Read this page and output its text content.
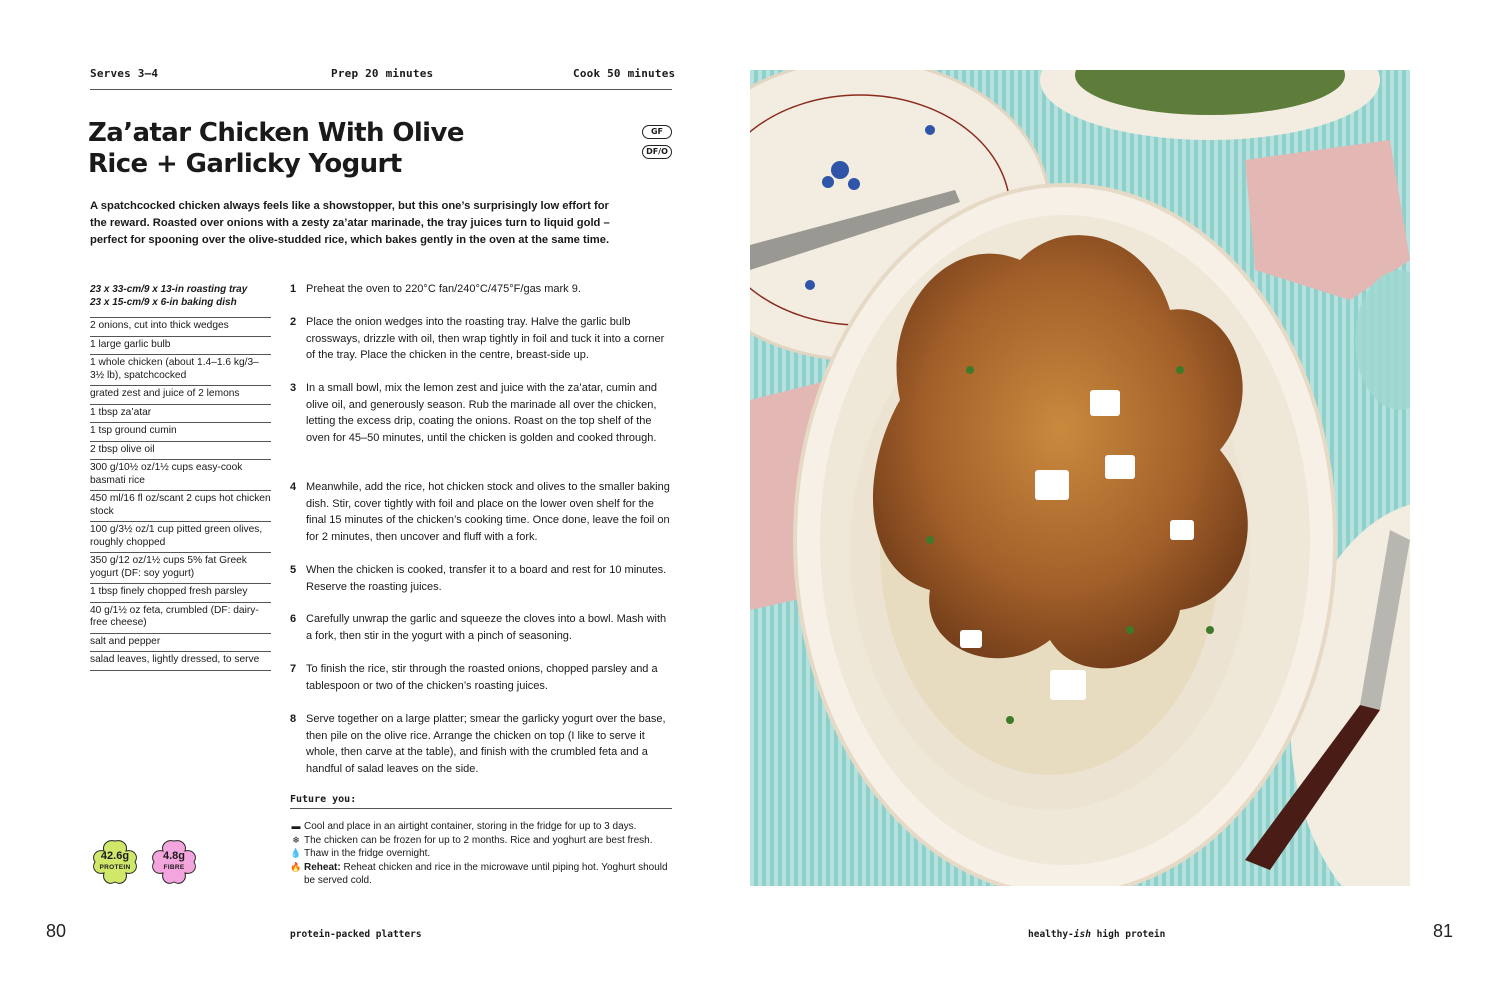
Serves 3–4	Prep 20 minutes	Cook 50 minutes
Za’atar Chicken With Olive Rice + Garlicky Yogurt
GF
DF/O

A spatchcocked chicken always feels like a showstopper, but this one’s surprisingly low effort for the reward. Roasted over onions with a zesty za’atar marinade, the tray juices turn to liquid gold – perfect for spooning over the olive-studded rice, which bakes gently in the oven at the same time.

23 x 33-cm/9 x 13-in roasting tray
23 x 15-cm/9 x 6-in baking dish
2 onions, cut into thick wedges
1 large garlic bulb
1 whole chicken (about 1.4–1.6 kg/3–3½ lb), spatchcocked
grated zest and juice of 2 lemons
1 tbsp za’atar
1 tsp ground cumin
2 tbsp olive oil
300 g/10½ oz/1½ cups easy-cook basmati rice
450 ml/16 fl oz/scant 2 cups hot chicken stock
100 g/3½ oz/1 cup pitted green olives, roughly chopped
350 g/12 oz/1½ cups 5% fat Greek yogurt (DF: soy yogurt)
1 tbsp finely chopped fresh parsley
40 g/1½ oz feta, crumbled (DF: dairy-free cheese)
salt and pepper
salad leaves, lightly dressed, to serve
1 Preheat the oven to 220°C fan/240°C/475°F/gas mark 9.
2 Place the onion wedges into the roasting tray. Halve the garlic bulb crossways, drizzle with oil, then wrap tightly in foil and tuck it into a corner of the tray. Place the chicken in the centre, breast-side up.
3 In a small bowl, mix the lemon zest and juice with the za’atar, cumin and olive oil, and generously season. Rub the marinade all over the chicken, letting the excess drip, coating the onions. Roast on the top shelf of the oven for 45–50 minutes, until the chicken is golden and cooked through.
4 Meanwhile, add the rice, hot chicken stock and olives to the smaller baking dish. Stir, cover tightly with foil and place on the lower oven shelf for the final 15 minutes of the chicken’s cooking time. Once done, leave the foil on for 2 minutes, then uncover and fluff with a fork.
5 When the chicken is cooked, transfer it to a board and rest for 10 minutes. Reserve the roasting juices.
6 Carefully unwrap the garlic and squeeze the cloves into a bowl. Mash with a fork, then stir in the yogurt with a pinch of seasoning.
7 To finish the rice, stir through the roasted onions, chopped parsley and a tablespoon or two of the chicken’s roasting juices.
8 Serve together on a large platter; smear the garlicky yogurt over the base, then pile on the olive rice. Arrange the chicken on top (I like to serve it whole, then carve at the table), and finish with the crumbled feta and a handful of salad leaves on the side.
Future you:
▬ Cool and place in an airtight container, storing in the fridge for up to 3 days.
❄ The chicken can be frozen for up to 2 months. Rice and yoghurt are best fresh.
💧 Thaw in the fridge overnight.
🔥 Reheat: Reheat chicken and rice in the microwave until piping hot. Yoghurt should be served cold.
42.6g
PROTEIN
4.8g
FIBRE
80	protein-packed platters	healthy-ish high protein	81
